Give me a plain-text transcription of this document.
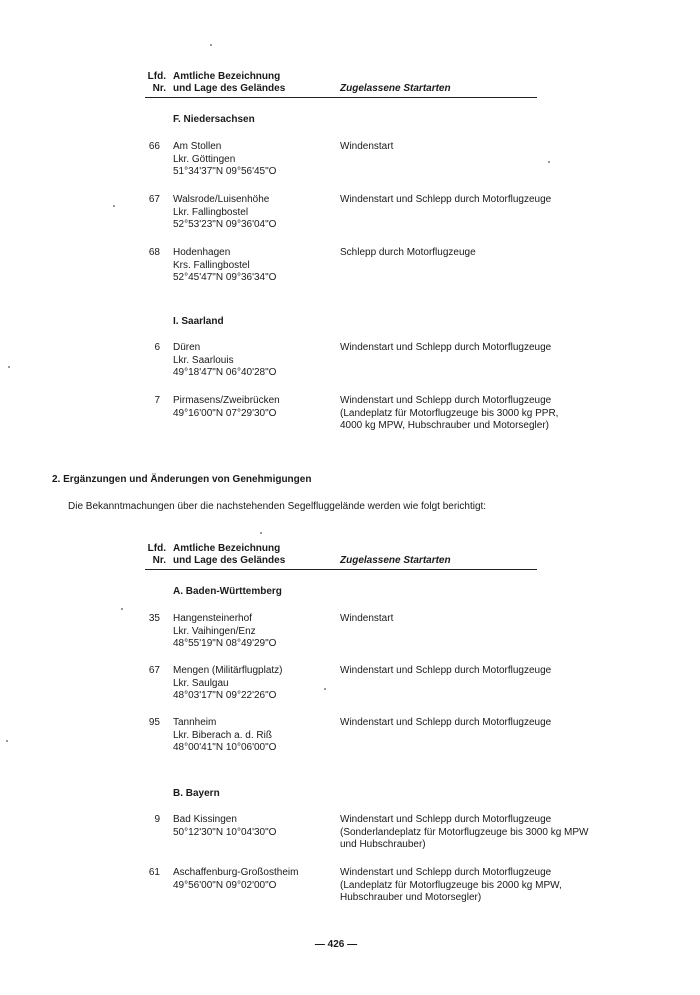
Lfd.
Nr.
Amtliche Bezeichnung
und Lage des Geländes	Zugelassene Startarten
F. Niedersachsen
66 Am Stollen
Lkr. Göttingen
51°34'37"N 09°56'45"O
Windenstart
67 Walsrode/Luisenhöhe
Lkr. Fallingbostel
52°53'23"N 09°36'04"O
Windenstart und Schlepp durch Motorflugzeuge
68 Hodenhagen
Krs. Fallingbostel
52°45'47"N 09°36'34"O
Schlepp durch Motorflugzeuge
I. Saarland
6 Düren
Lkr. Saarlouis
49°18'47"N 06°40'28"O
Windenstart und Schlepp durch Motorflugzeuge
7 Pirmasens/Zweibrücken
49°16'00"N 07°29'30"O
Windenstart und Schlepp durch Motorflugzeuge
(Landeplatz für Motorflugzeuge bis 3000 kg PPR,
4000 kg MPW, Hubschrauber und Motorsegler)
2. Ergänzungen und Änderungen von Genehmigungen
Die Bekanntmachungen über die nachstehenden Segelfluggelände werden wie folgt berichtigt:
Lfd.
Nr.
Amtliche Bezeichnung
und Lage des Geländes	Zugelassene Startarten
A. Baden-Württemberg
35 Hangensteinerhof
Lkr. Vaihingen/Enz
48°55'19"N 08°49'29"O
Windenstart
67 Mengen (Militärflugplatz)
Lkr. Saulgau
48°03'17"N 09°22'26"O
Windenstart und Schlepp durch Motorflugzeuge
95 Tannheim
Lkr. Biberach a. d. Riß
48°00'41"N 10°06'00"O
Windenstart und Schlepp durch Motorflugzeuge
B. Bayern
9 Bad Kissingen
50°12'30"N 10°04'30"O
Windenstart und Schlepp durch Motorflugzeuge
(Sonderlandeplatz für Motorflugzeuge bis 3000 kg MPW
und Hubschrauber)
61 Aschaffenburg-Großostheim
49°56'00"N 09°02'00"O
Windenstart und Schlepp durch Motorflugzeuge
(Landeplatz für Motorflugzeuge bis 2000 kg MPW,
Hubschrauber und Motorsegler)
— 426 —
